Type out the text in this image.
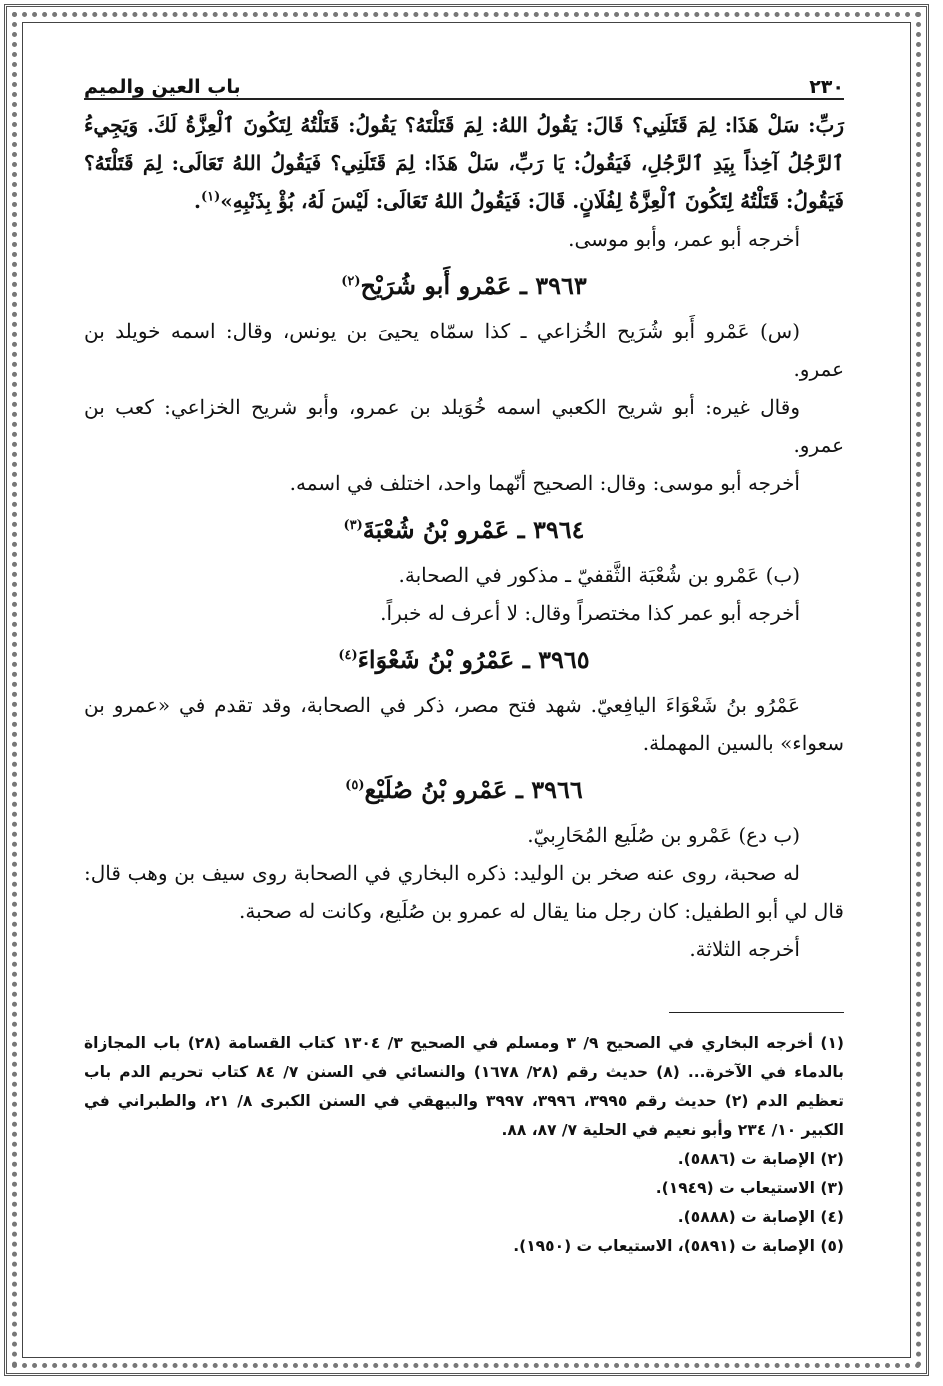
٢٣٠
باب العين والميم

رَبِّ: سَلْ هَذَا: لِمَ قَتَلَنِي؟ قَالَ: يَقُولُ اللهُ: لِمَ قَتَلْتَهُ؟ يَقُولُ: قَتَلْتُهُ لِتَكُونَ ٱلْعِزَّةُ لَكَ. وَيَجِيءُ ٱلرَّجُلُ آخِذاً بِيَدِ ٱلرَّجُلِ، فَيَقُولُ: يَا رَبِّ، سَلْ هَذَا: لِمَ قَتَلَنِي؟ فَيَقُولُ اللهُ تَعَالَى: لِمَ قَتَلْتَهُ؟ فَيَقُولُ: قَتَلْتُهُ لِتَكُونَ ٱلْعِزَّةُ لِفُلَانٍ. قَالَ: فَيَقُولُ اللهُ تَعَالَى: لَيْسَ لَهُ، بُؤْ بِذَنْبِهِ»$^{(١)}$.

أخرجه أبو عمر، وأبو موسى.

٣٩٦٣ ـ عَمْرو أَبو شُرَيْح$^{(٢)}$

(س) عَمْرو أَبو شُرَيح الخُزاعي ـ كذا سمّاه يحيىَ بن يونس، وقال: اسمه خويلد بن عمرو.

وقال غيره: أبو شريح الكعبي اسمه خُوَيلد بن عمرو، وأبو شريح الخزاعي: كعب بن عمرو.

أخرجه أبو موسى: وقال: الصحيح أنّهما واحد، اختلف في اسمه.

٣٩٦٤ ـ عَمْرو بْنُ شُعْبَةَ$^{(٣)}$

(ب) عَمْرو بن شُعْبَة الثَّقفيّ ـ مذكور في الصحابة.

أخرجه أبو عمر كذا مختصراً وقال: لا أعرف له خبراً.

٣٩٦٥ ـ عَمْرُو بْنُ شَعْوَاءَ$^{(٤)}$

عَمْرُو بنُ شَعْوَاءَ اليافِعيّ. شهد فتح مصر، ذكر في الصحابة، وقد تقدم في «عمرو بن سعواء» بالسين المهملة.

٣٩٦٦ ـ عَمْرو بْنُ صُلَيْع$^{(٥)}$

(ب دع) عَمْرو بن صُلَيع المُحَارِبيّ.

له صحبة، روى عنه صخر بن الوليد: ذكره البخاري في الصحابة روى سيف بن وهب قال: قال لي أبو الطفيل: كان رجل منا يقال له عمرو بن صُلَيع، وكانت له صحبة.

أخرجه الثلاثة.

(١) أخرجه البخاري في الصحيح ٩/ ٣ ومسلم في الصحيح ٣/ ١٣٠٤ كتاب القسامة (٢٨) باب المجازاة بالدماء في الآخرة... (٨) حديث رقم (٢٨/ ١٦٧٨) والنسائي في السنن ٧/ ٨٤ كتاب تحريم الدم باب تعظيم الدم (٢) حديث رقم ٣٩٩٥، ٣٩٩٦، ٣٩٩٧ والبيهقي في السنن الكبرى ٨/ ٢١، والطبراني في الكبير ١٠/ ٢٣٤ وأبو نعيم في الحلية ٧/ ٨٧، ٨٨.

(٢) الإصابة ت (٥٨٨٦).

(٣) الاستيعاب ت (١٩٤٩).

(٤) الإصابة ت (٥٨٨٨).

(٥) الإصابة ت (٥٨٩١)، الاستيعاب ت (١٩٥٠).
